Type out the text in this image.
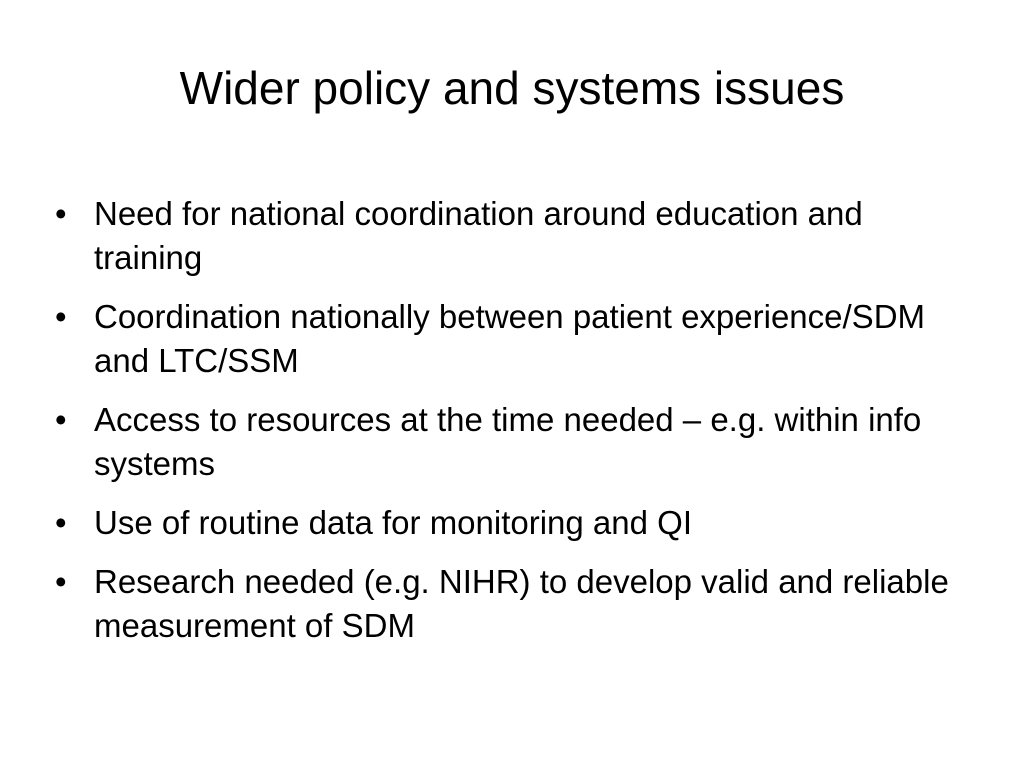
Wider policy and systems issues
• Need for national coordination around education and training
• Coordination nationally between patient experience/SDM and LTC/SSM
• Access to resources at the time needed – e.g. within info systems
• Use of routine data for monitoring and QI
• Research needed (e.g. NIHR) to develop valid and reliable measurement of SDM
